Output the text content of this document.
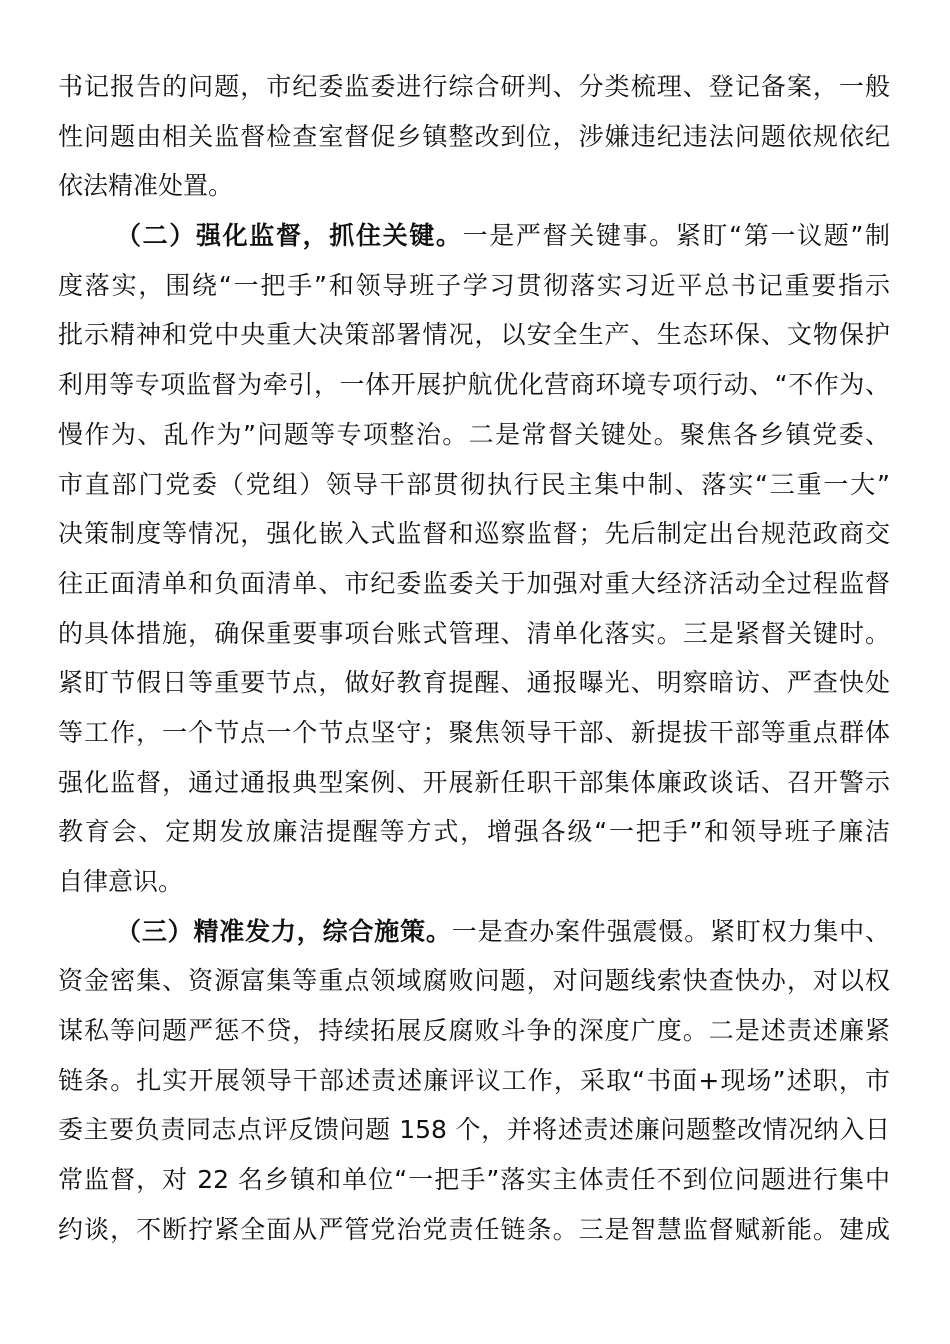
书记报告的问题，市纪委监委进行综合研判、分类梳理、登记备案，一般
性问题由相关监督检查室督促乡镇整改到位，涉嫌违纪违法问题依规依纪
依法精准处置。
（二）强化监督，抓住关键。一是严督关键事。紧盯“第一议题”制
度落实，围绕“一把手”和领导班子学习贯彻落实习近平总书记重要指示
批示精神和党中央重大决策部署情况，以安全生产、生态环保、文物保护
利用等专项监督为牵引，一体开展护航优化营商环境专项行动、“不作为、
慢作为、乱作为”问题等专项整治。二是常督关键处。聚焦各乡镇党委、
市直部门党委（党组）领导干部贯彻执行民主集中制、落实“三重一大”
决策制度等情况，强化嵌入式监督和巡察监督；先后制定出台规范政商交
往正面清单和负面清单、市纪委监委关于加强对重大经济活动全过程监督
的具体措施，确保重要事项台账式管理、清单化落实。三是紧督关键时。
紧盯节假日等重要节点，做好教育提醒、通报曝光、明察暗访、严查快处
等工作，一个节点一个节点坚守；聚焦领导干部、新提拔干部等重点群体
强化监督，通过通报典型案例、开展新任职干部集体廉政谈话、召开警示
教育会、定期发放廉洁提醒等方式，增强各级“一把手”和领导班子廉洁
自律意识。
（三）精准发力，综合施策。一是查办案件强震慑。紧盯权力集中、
资金密集、资源富集等重点领域腐败问题，对问题线索快查快办，对以权
谋私等问题严惩不贷，持续拓展反腐败斗争的深度广度。二是述责述廉紧
链条。扎实开展领导干部述责述廉评议工作，采取“书面+现场”述职，市
委主要负责同志点评反馈问题 158 个，并将述责述廉问题整改情况纳入日
常监督，对 22 名乡镇和单位“一把手”落实主体责任不到位问题进行集中
约谈，不断拧紧全面从严管党治党责任链条。三是智慧监督赋新能。建成
